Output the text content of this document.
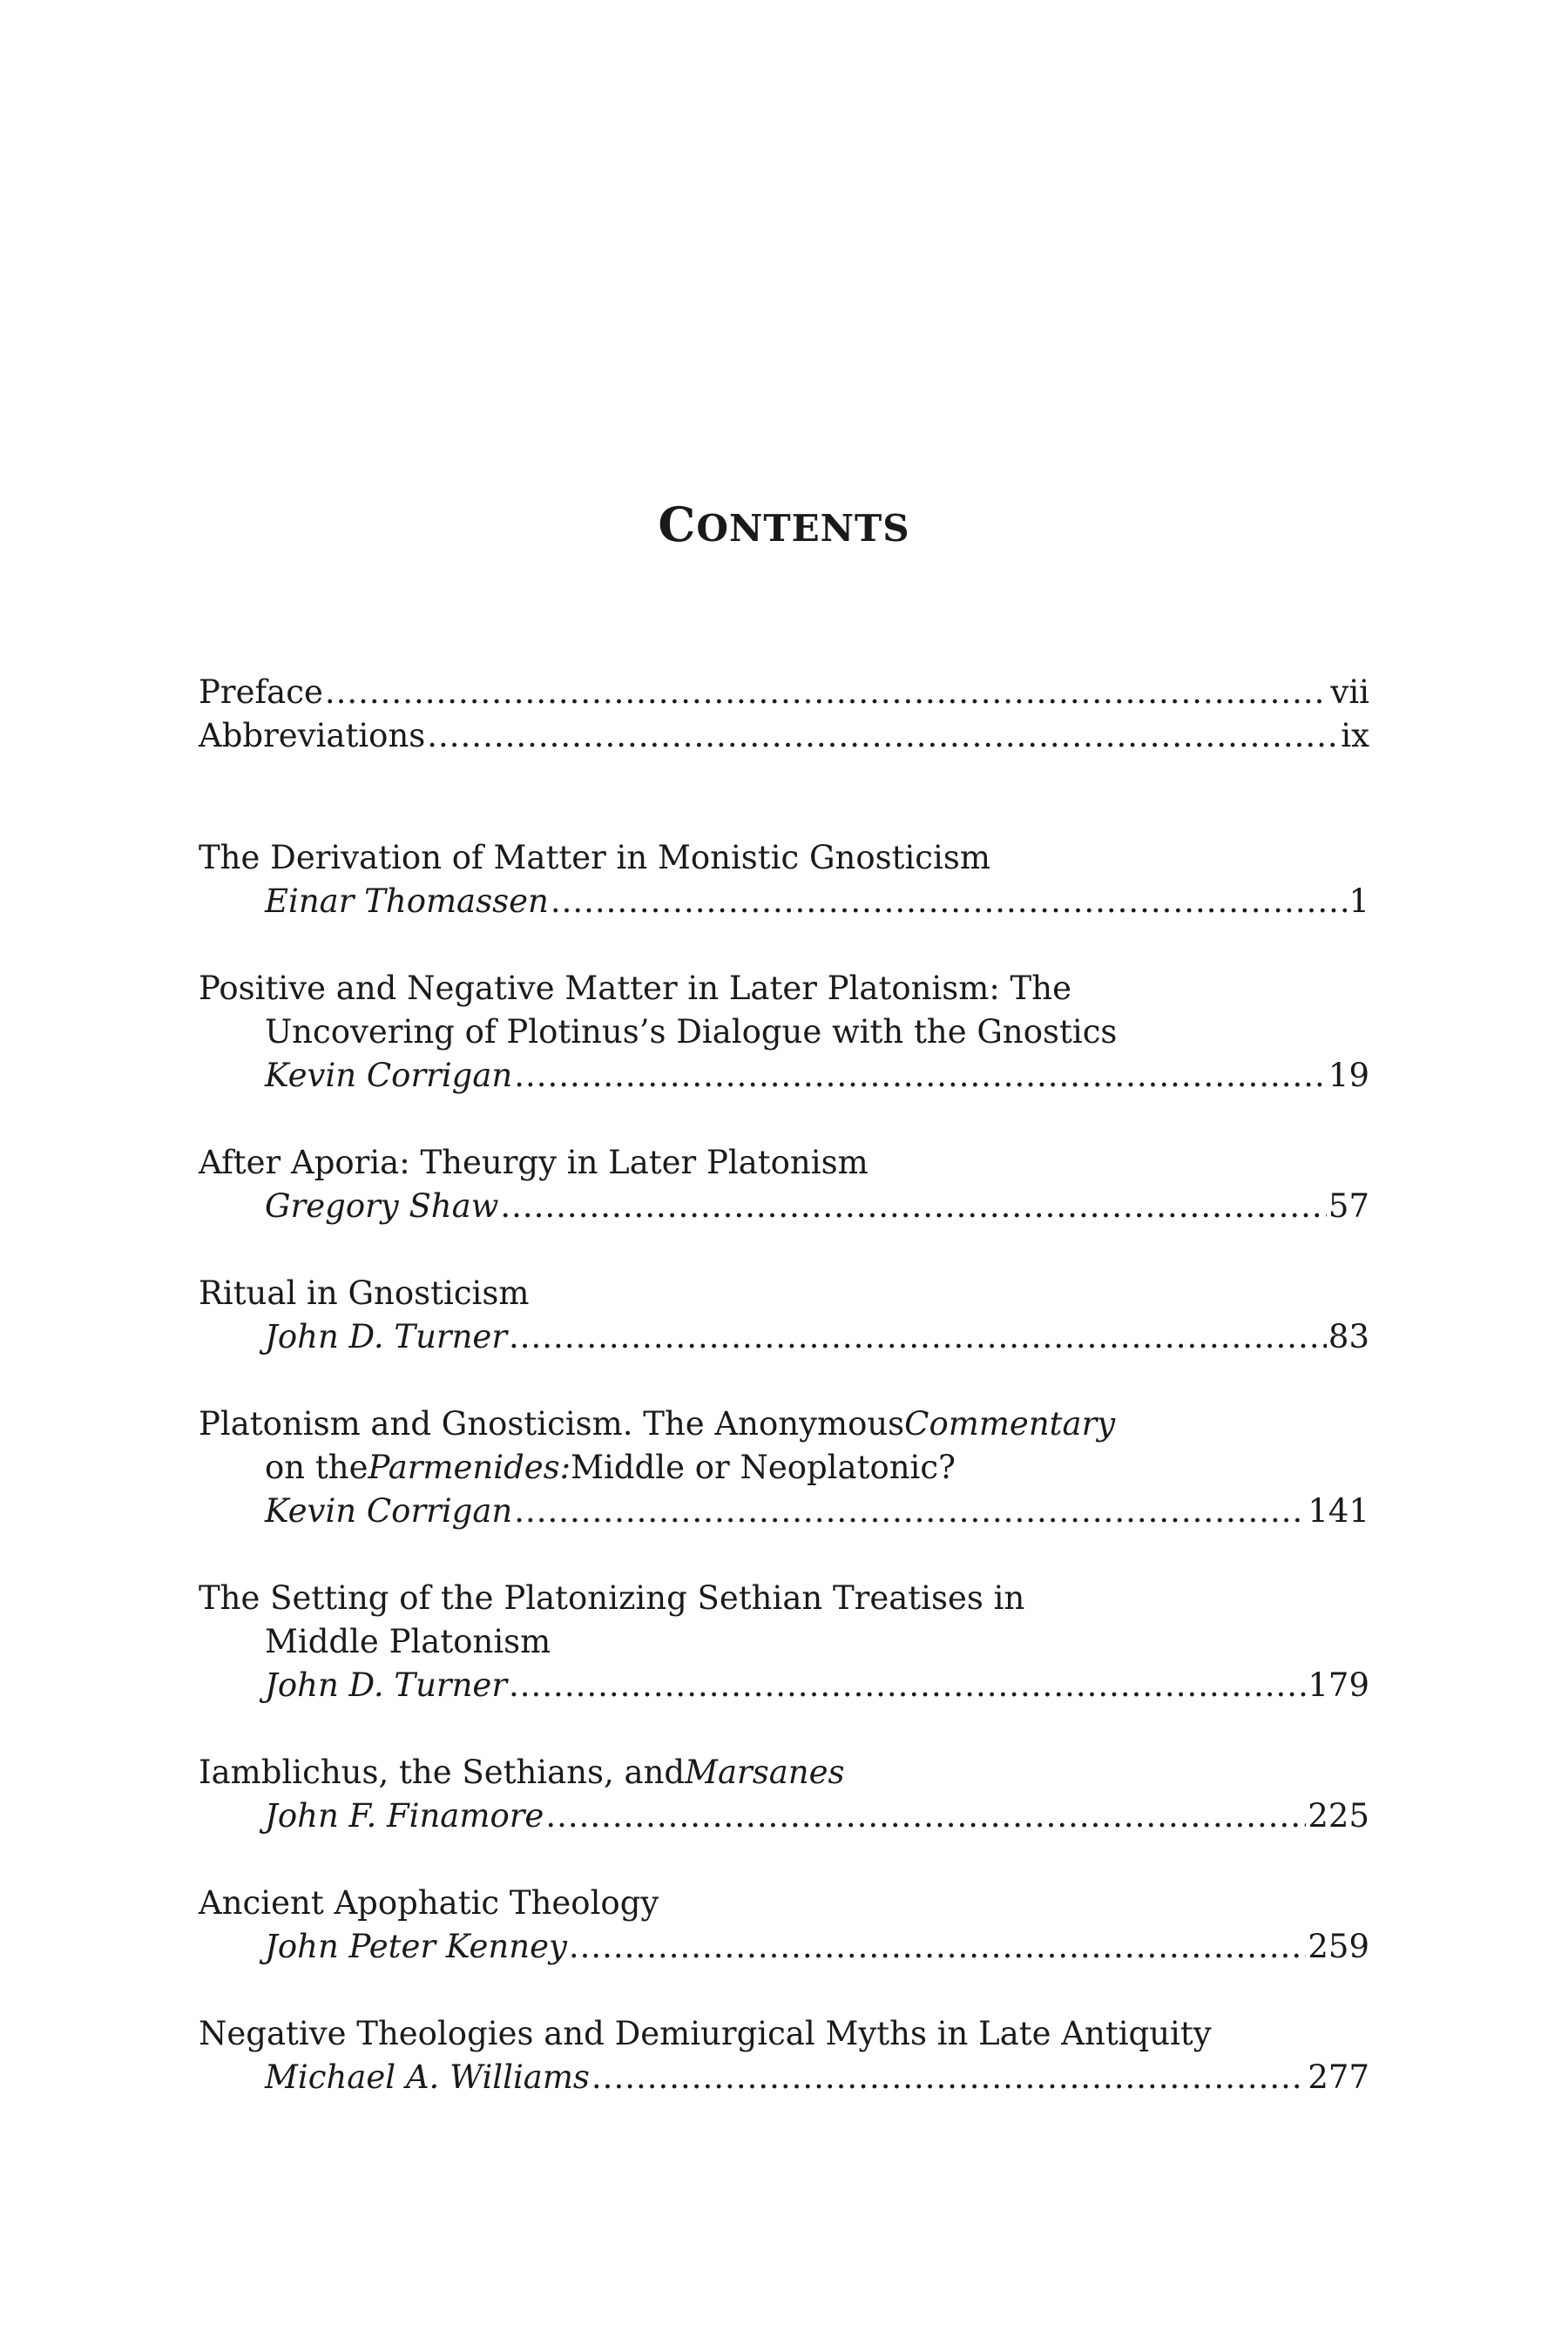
CONTENTS
Preface .....	vii
Abbreviations .....	ix
The Derivation of Matter in Monistic Gnosticism
Einar Thomassen .....	1
Positive and Negative Matter in Later Platonism: The
Uncovering of Plotinus’s Dialogue with the Gnostics
Kevin Corrigan .....	19
After Aporia: Theurgy in Later Platonism
Gregory Shaw .....	57
Ritual in Gnosticism
John D. Turner .....	83
Platonism and Gnosticism. The Anonymous Commentary
on the Parmenides: Middle or Neoplatonic?
Kevin Corrigan .....	141
The Setting of the Platonizing Sethian Treatises in
Middle Platonism
John D. Turner .....	179
Iamblichus, the Sethians, and Marsanes
John F. Finamore .....	225
Ancient Apophatic Theology
John Peter Kenney .....	259
Negative Theologies and Demiurgical Myths in Late Antiquity
Michael A. Williams .....	277
